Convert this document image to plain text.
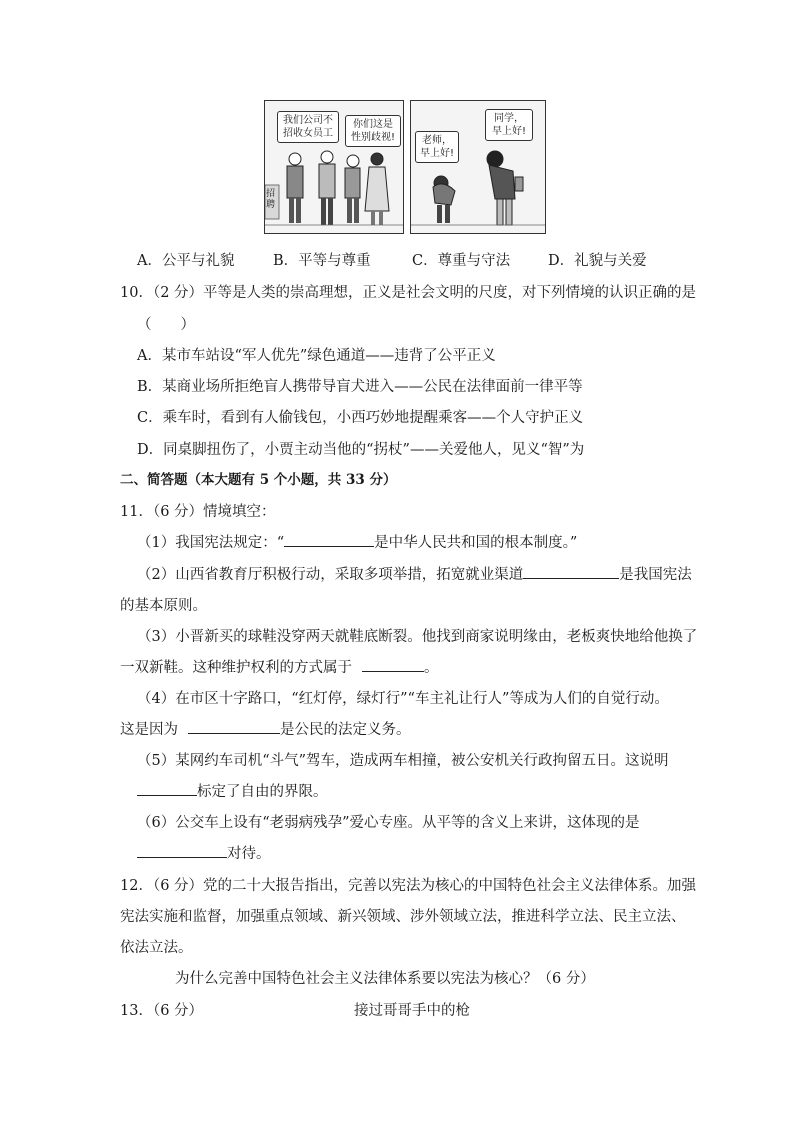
我们公司不招收女员工
你们这是性别歧视!
招聘
老师，早上好!
同学，早上好!
A．公平与礼貌	B．平等与尊重	C．尊重与守法	D．礼貌与关爱
10．（2 分）平等是人类的崇高理想，正义是社会文明的尺度，对下列情境的认识正确的是
（　　）
A．某市车站设“军人优先”绿色通道——违背了公平正义
B．某商业场所拒绝盲人携带导盲犬进入——公民在法律面前一律平等
C．乘车时，看到有人偷钱包，小西巧妙地提醒乘客——个人守护正义
D．同桌脚扭伤了，小贾主动当他的“拐杖”——关爱他人，见义“智”为
二、简答题（本大题有 5 个小题，共 33 分）
11．（6 分）情境填空：
（1）我国宪法规定：“	是中华人民共和国的根本制度。”
（2）山西省教育厅积极行动，采取多项举措，拓宽就业渠道	是我国宪法
的基本原则。
（3）小晋新买的球鞋没穿两天就鞋底断裂。他找到商家说明缘由，老板爽快地给他换了
一双新鞋。这种维护权利的方式属于	。
（4）在市区十字路口，“红灯停，绿灯行”“车主礼让行人”等成为人们的自觉行动。
这是因为	是公民的法定义务。
（5）某网约车司机“斗气”驾车，造成两车相撞，被公安机关行政拘留五日。这说明
标定了自由的界限。
（6）公交车上设有“老弱病残孕”爱心专座。从平等的含义上来讲，这体现的是
对待。
12．（6 分）党的二十大报告指出，完善以宪法为核心的中国特色社会主义法律体系。加强
宪法实施和监督，加强重点领域、新兴领域、涉外领域立法，推进科学立法、民主立法、
依法立法。
为什么完善中国特色社会主义法律体系要以宪法为核心？（6 分）
13．（6 分）	接过哥哥手中的枪
